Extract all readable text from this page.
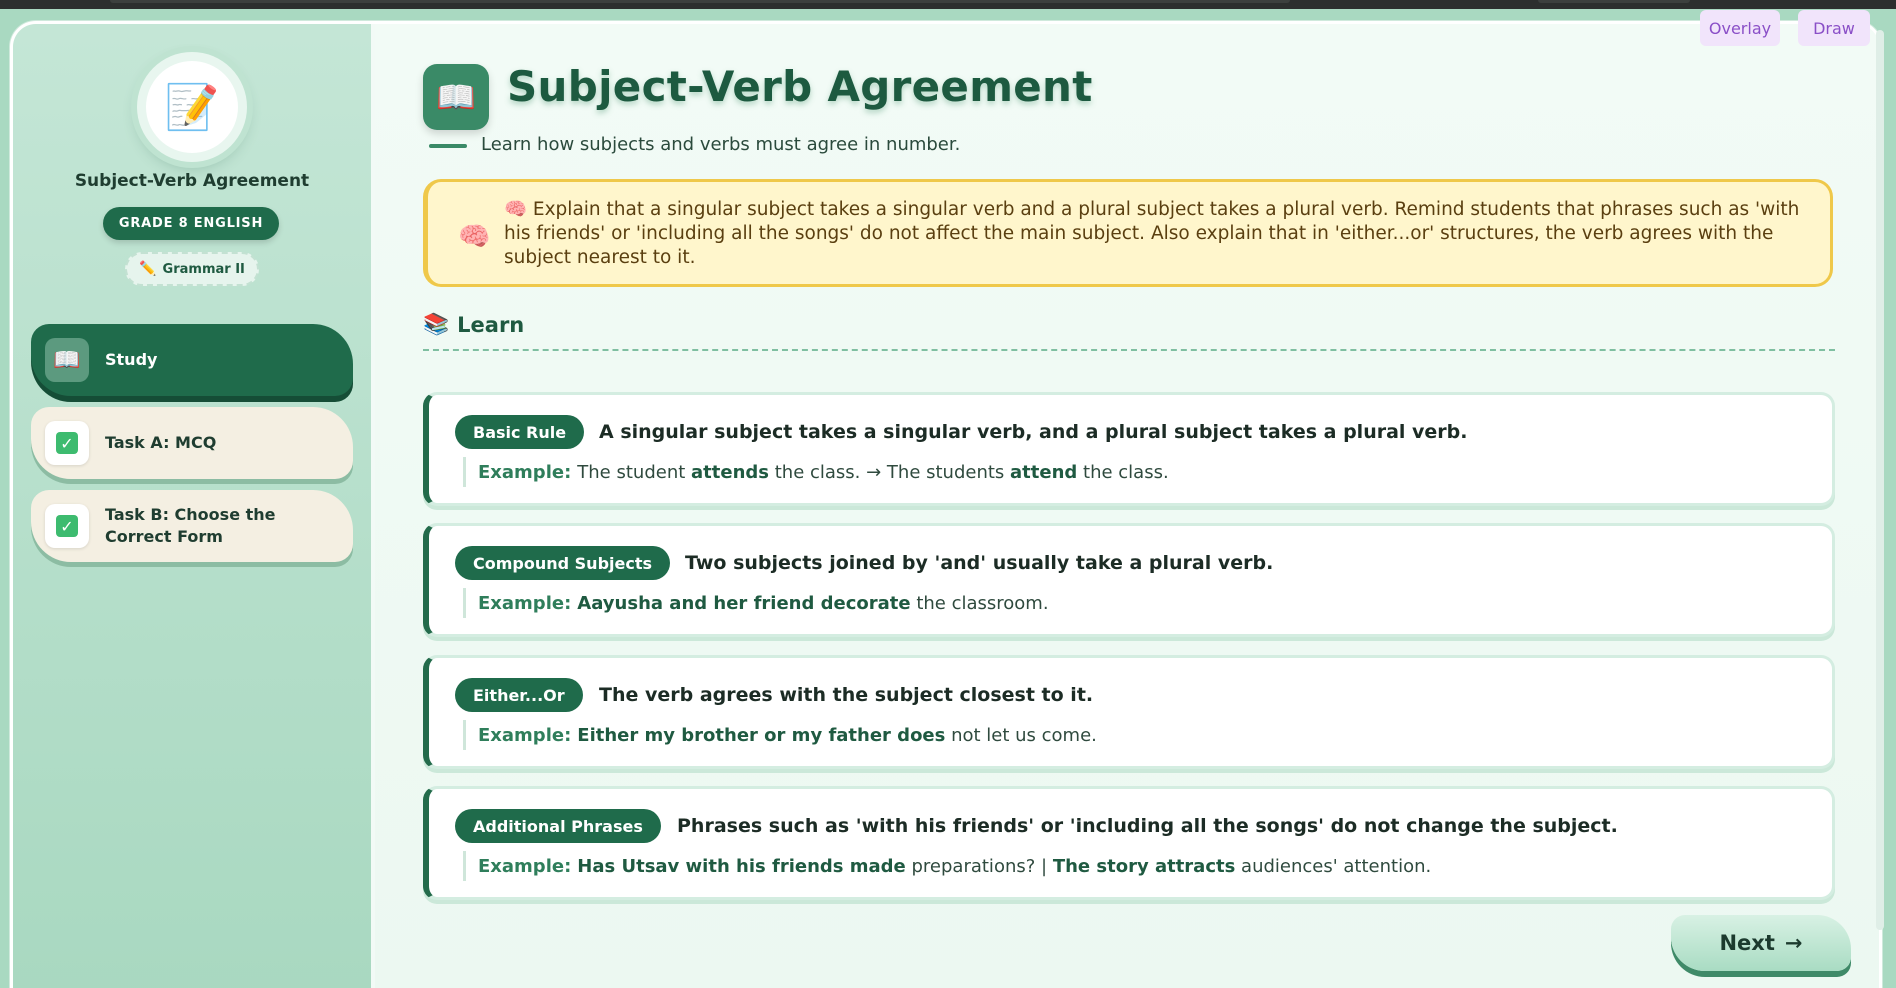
📝
Subject-Verb Agreement
GRADE 8 ENGLISH
✏️ Grammar II
📖	Study
✓ Task A: MCQ
✓
Task B: Choose the Correct Form
📖 Subject-Verb Agreement
Learn how subjects and verbs must agree in number.
🧠
🧠 Explain that a singular subject takes a singular verb and a plural subject takes a plural verb. Remind students that phrases such as 'with his friends' or 'including all the songs' do not affect the main subject. Also explain that in 'either...or' structures, the verb agrees with the subject nearest to it.
📚 Learn
Basic Rule	A singular subject takes a singular verb, and a plural subject takes a plural verb.
Example: The student attends the class. → The students attend the class.
Compound Subjects	Two subjects joined by 'and' usually take a plural verb.
Example: Aayusha and her friend decorate the classroom.
Either...Or	The verb agrees with the subject closest to it.
Example: Either my brother or my father does not let us come.
Additional Phrases	Phrases such as 'with his friends' or 'including all the songs' do not change the subject.
Example: Has Utsav with his friends made preparations? | The story attracts audiences' attention.
Next →
Overlay	Draw
